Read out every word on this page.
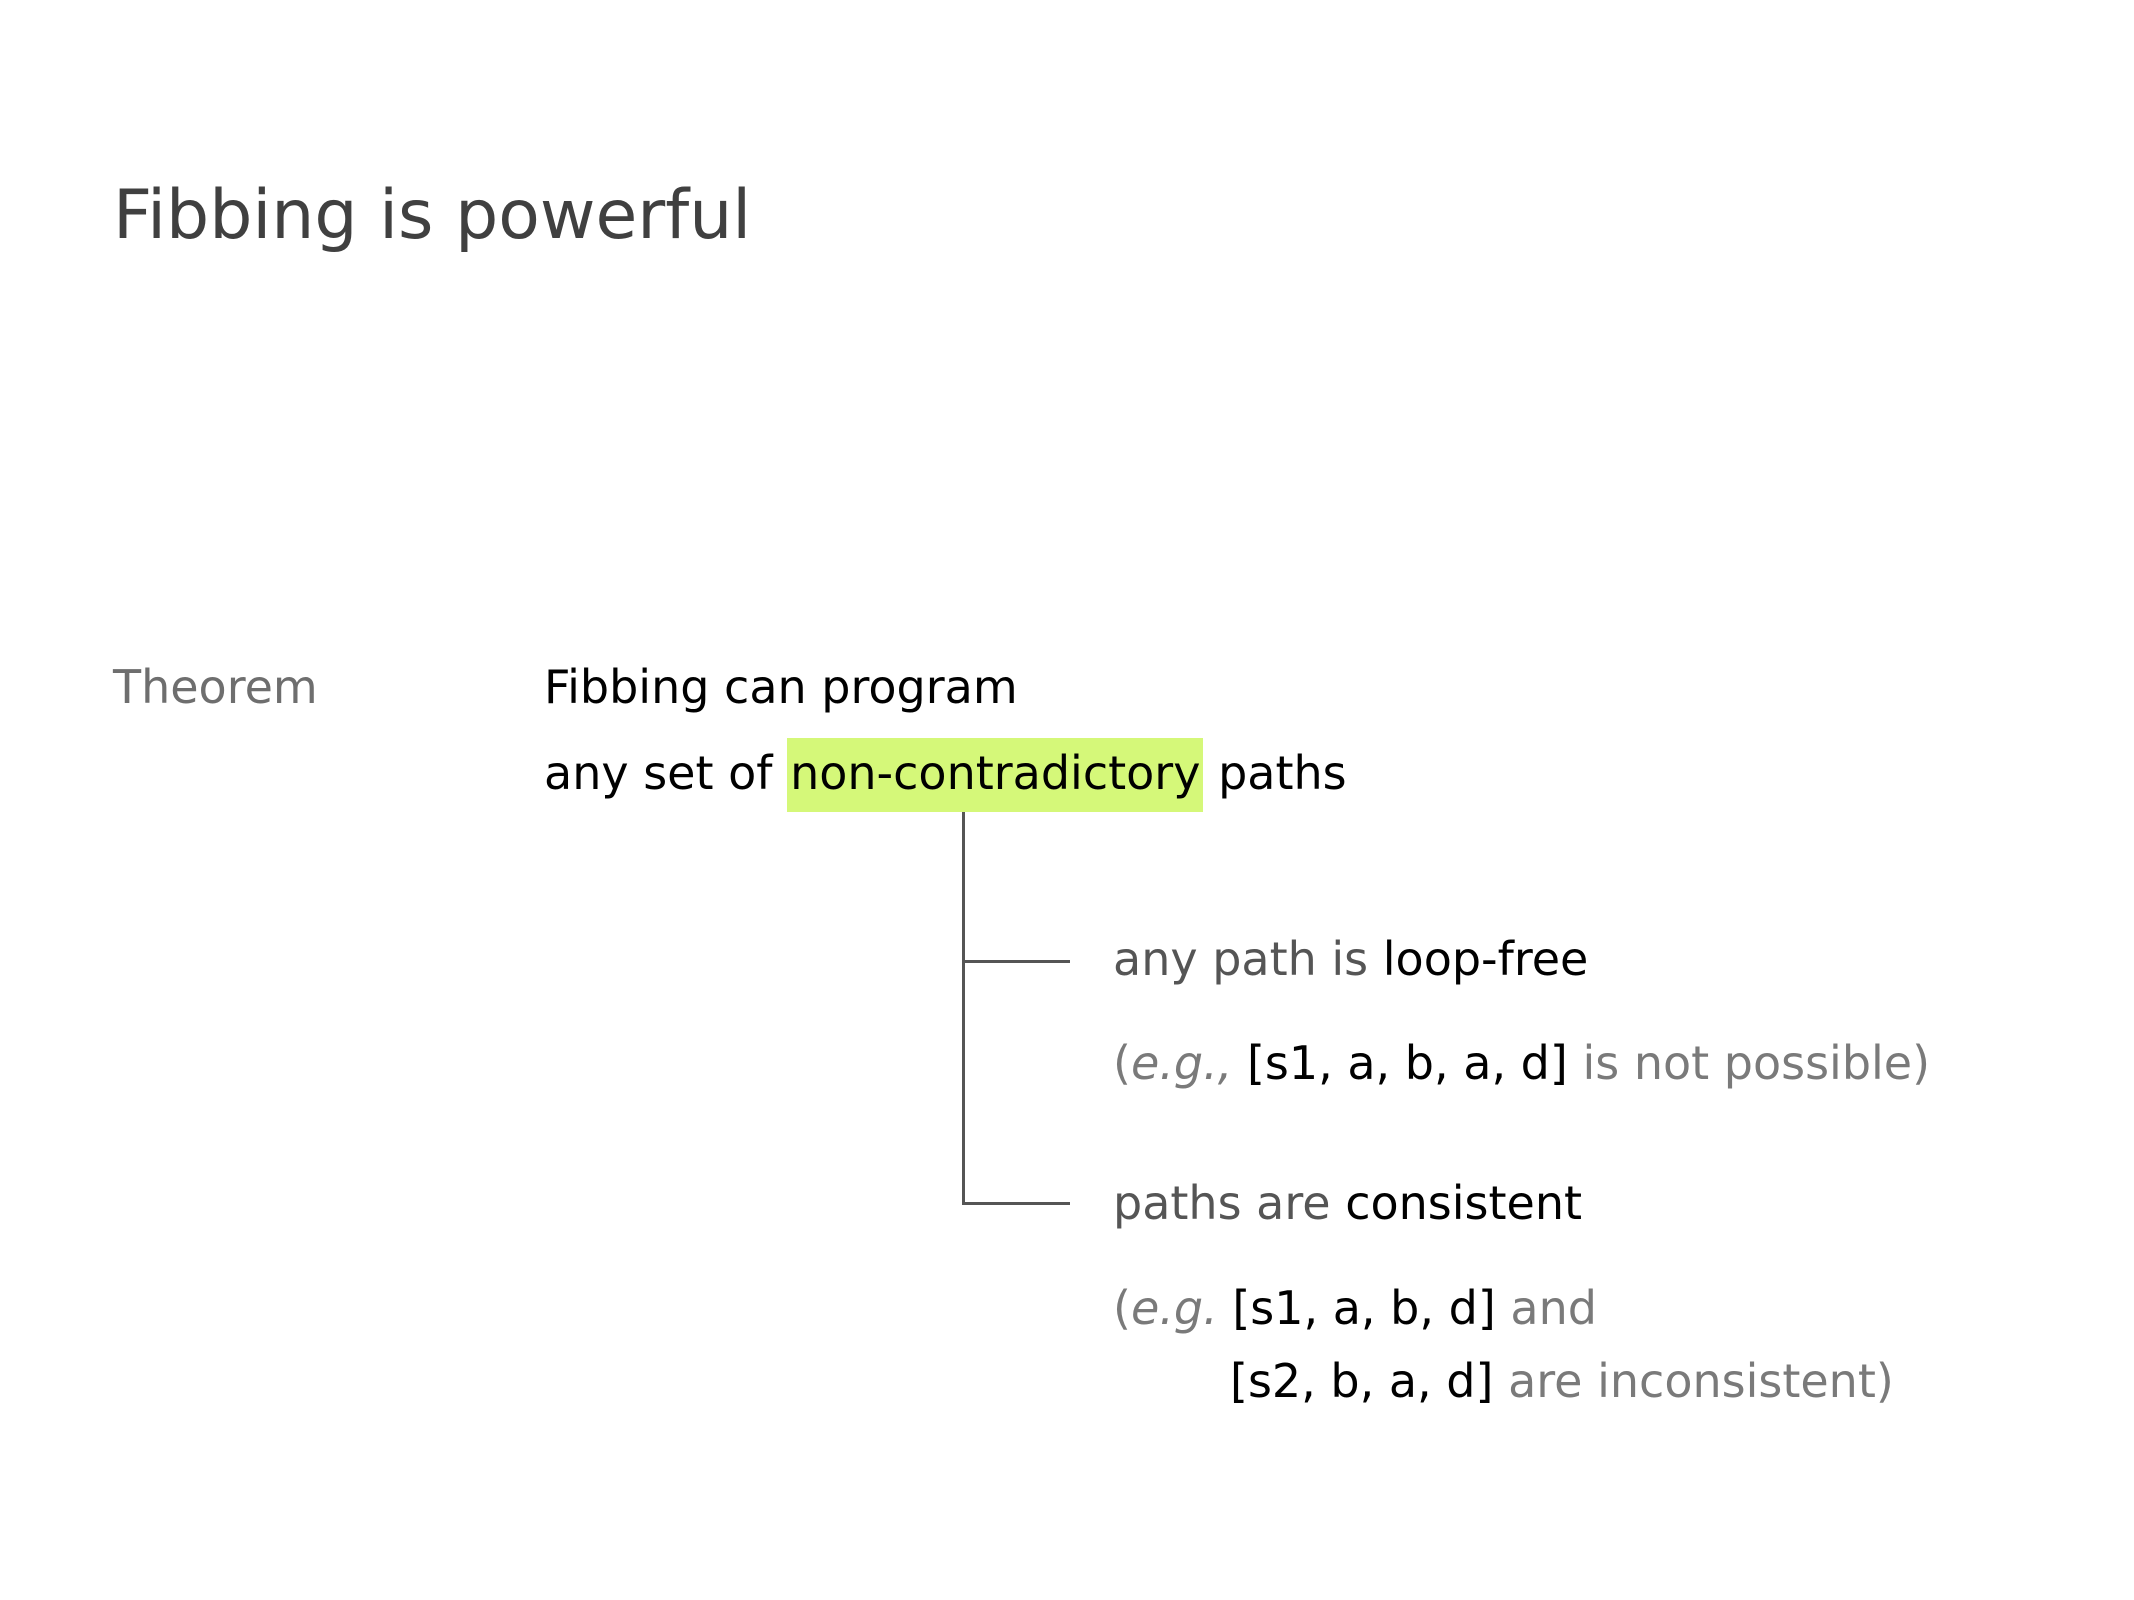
Fibbing is powerful
Theorem	Fibbing can program
any set of non-contradictory paths
any path is loop-free
(e.g., [s1, a, b, a, d] is not possible)
paths are consistent
(e.g. [s1, a, b, d] and
[s2, b, a, d] are inconsistent)
